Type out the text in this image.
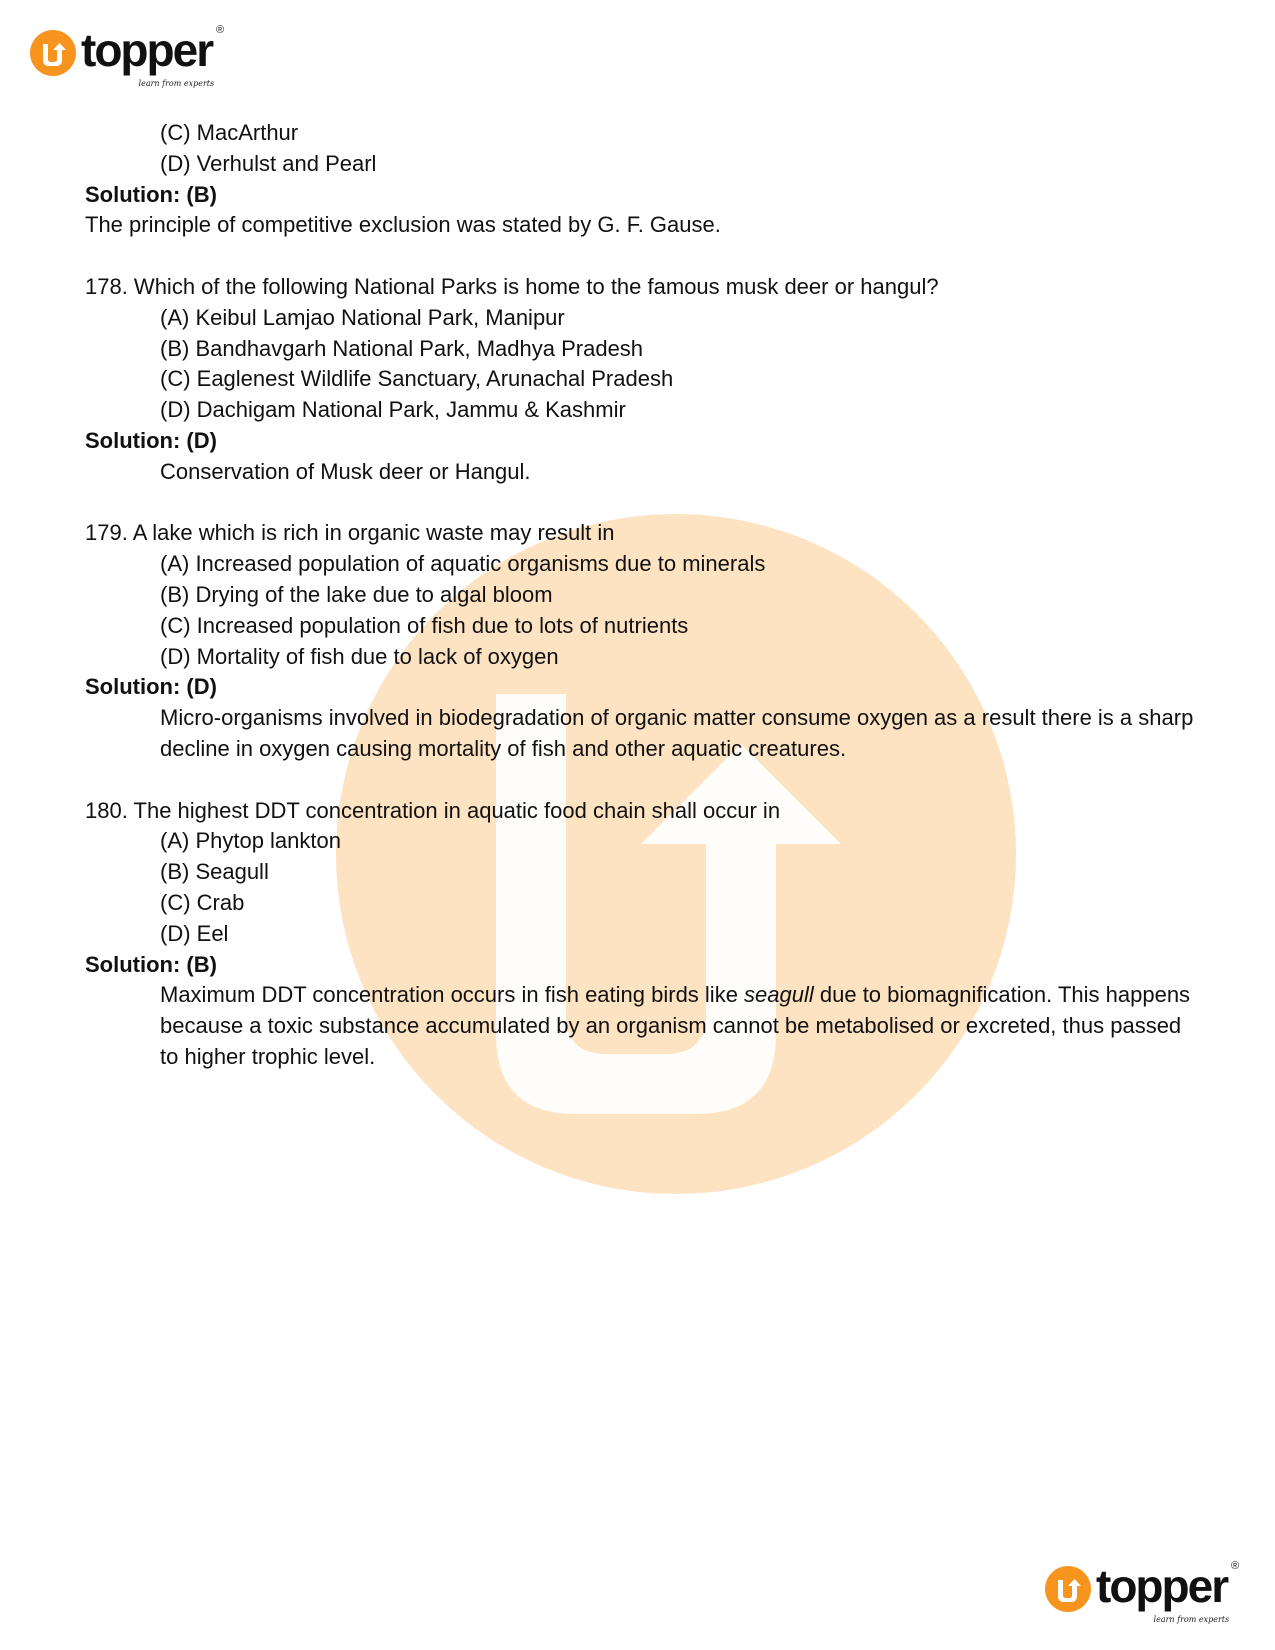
topper
learn from experts
®
(C) MacArthur
(D) Verhulst and Pearl
Solution: (B)
The principle of competitive exclusion was stated by G. F. Gause.
178. Which of the following National Parks is home to the famous musk deer or hangul?
(A) Keibul Lamjao National Park, Manipur
(B) Bandhavgarh National Park, Madhya Pradesh
(C) Eaglenest Wildlife Sanctuary, Arunachal Pradesh
(D) Dachigam National Park, Jammu & Kashmir
Solution: (D)
Conservation of Musk deer or Hangul.
179. A lake which is rich in organic waste may result in
(A) Increased population of aquatic organisms due to minerals
(B) Drying of the lake due to algal bloom
(C) Increased population of fish due to lots of nutrients
(D) Mortality of fish due to lack of oxygen
Solution: (D)
Micro-organisms involved in biodegradation of organic matter consume oxygen as a result there is a sharp decline in oxygen causing mortality of fish and other aquatic creatures.
180. The highest DDT concentration in aquatic food chain shall occur in
(A) Phytop lankton
(B) Seagull
(C) Crab
(D) Eel
Solution: (B)
Maximum DDT concentration occurs in fish eating birds like seagull due to biomagnification. This happens because a toxic substance accumulated by an organism cannot be metabolised or excreted, thus passed to higher trophic level.
topper
learn from experts
®
